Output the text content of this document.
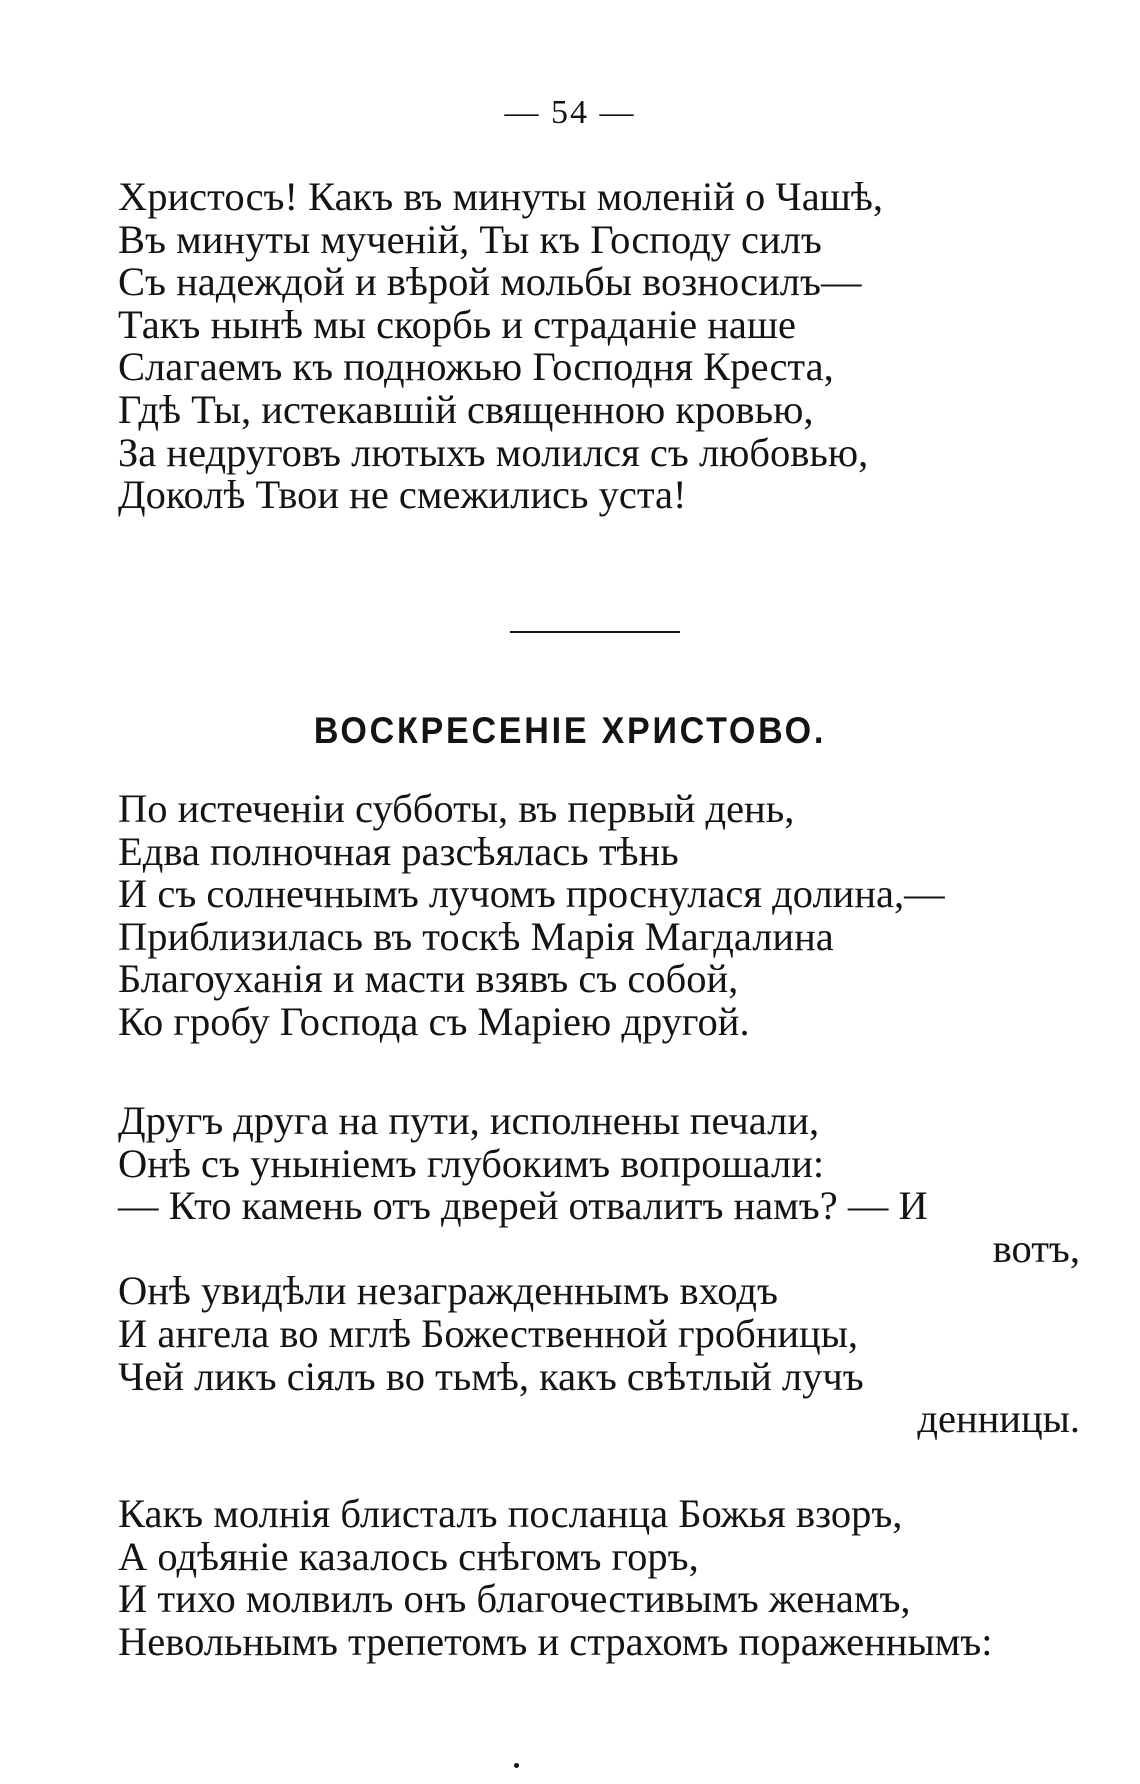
— 54 —
Христосъ! Какъ въ минуты моленій о Чашѣ,
Въ минуты мученій, Ты къ Господу силъ
Съ надеждой и вѣрой мольбы возносилъ—
Такъ нынѣ мы скорбь и страданіе наше
Слагаемъ къ подножью Господня Креста,
Гдѣ Ты, истекавшій священною кровью,
За недруговъ лютыхъ молился съ любовью,
Доколѣ Твои не смежились уста!
ВОСКРЕСЕНІЕ ХРИСТОВО.
По истеченіи субботы, въ первый день,
Едва полночная разсѣялась тѣнь
И съ солнечнымъ лучомъ проснулася долина,—
Приблизилась въ тоскѣ Марія Магдалина
Благоуханія и масти взявъ съ собой,
Ко гробу Господа съ Маріею другой.
Другъ друга на пути, исполнены печали,
Онѣ съ уныніемъ глубокимъ вопрошали:
— Кто камень отъ дверей отвалитъ намъ? — И
вотъ,
Онѣ увидѣли незагражденнымъ входъ
И ангела во мглѣ Божественной гробницы,
Чей ликъ сіялъ во тьмѣ, какъ свѣтлый лучъ
денницы.
Какъ молнія блисталъ посланца Божья взоръ,
А одѣяніе казалось снѣгомъ горъ,
И тихо молвилъ онъ благочестивымъ женамъ,
Невольнымъ трепетомъ и страхомъ пораженнымъ:
